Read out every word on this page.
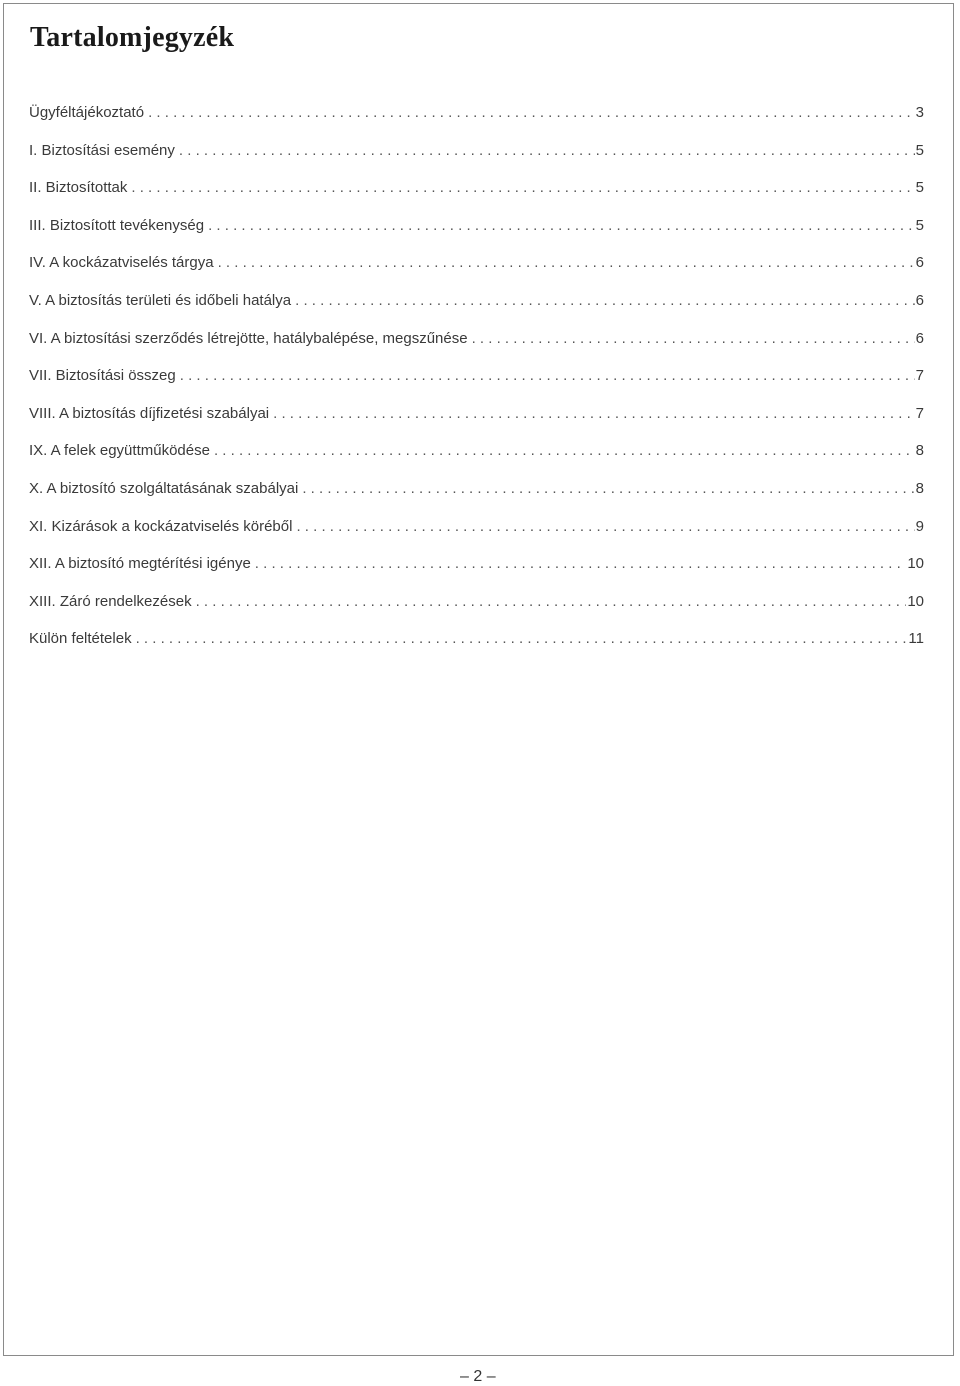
Tartalomjegyzék
Ügyféltájékoztató . . .	3
I. Biztosítási esemény . . .	5
II. Biztosítottak . . .	5
III. Biztosított tevékenység . . .	5
IV. A kockázatviselés tárgya . . .	6
V. A biztosítás területi és időbeli hatálya . . .	6
VI. A biztosítási szerződés létrejötte, hatálybalépése, megszűnése . . .	6
VII. Biztosítási összeg . . .	7
VIII. A biztosítás díjfizetési szabályai . . .	7
IX. A felek együttműködése . . .	8
X. A biztosító szolgáltatásának szabályai . . .	8
XI. Kizárások a kockázatviselés köréből . . .	9
XII. A biztosító megtérítési igénye . . .	10
XIII. Záró rendelkezések . . .	10
Külön feltételek . . .	11
– 2 –
